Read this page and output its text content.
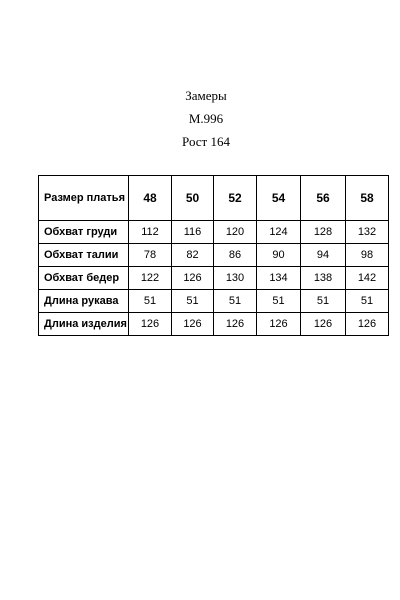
Замеры
М.996
Рост 164
Размер платья	48	50	52	54	56	58
Обхват груди	112	116	120	124	128	132
Обхват талии	78	82	86	90	94	98
Обхват бедер	122	126	130	134	138	142
Длина рукава	51	51	51	51	51	51
Длина изделия	126	126	126	126	126	126
